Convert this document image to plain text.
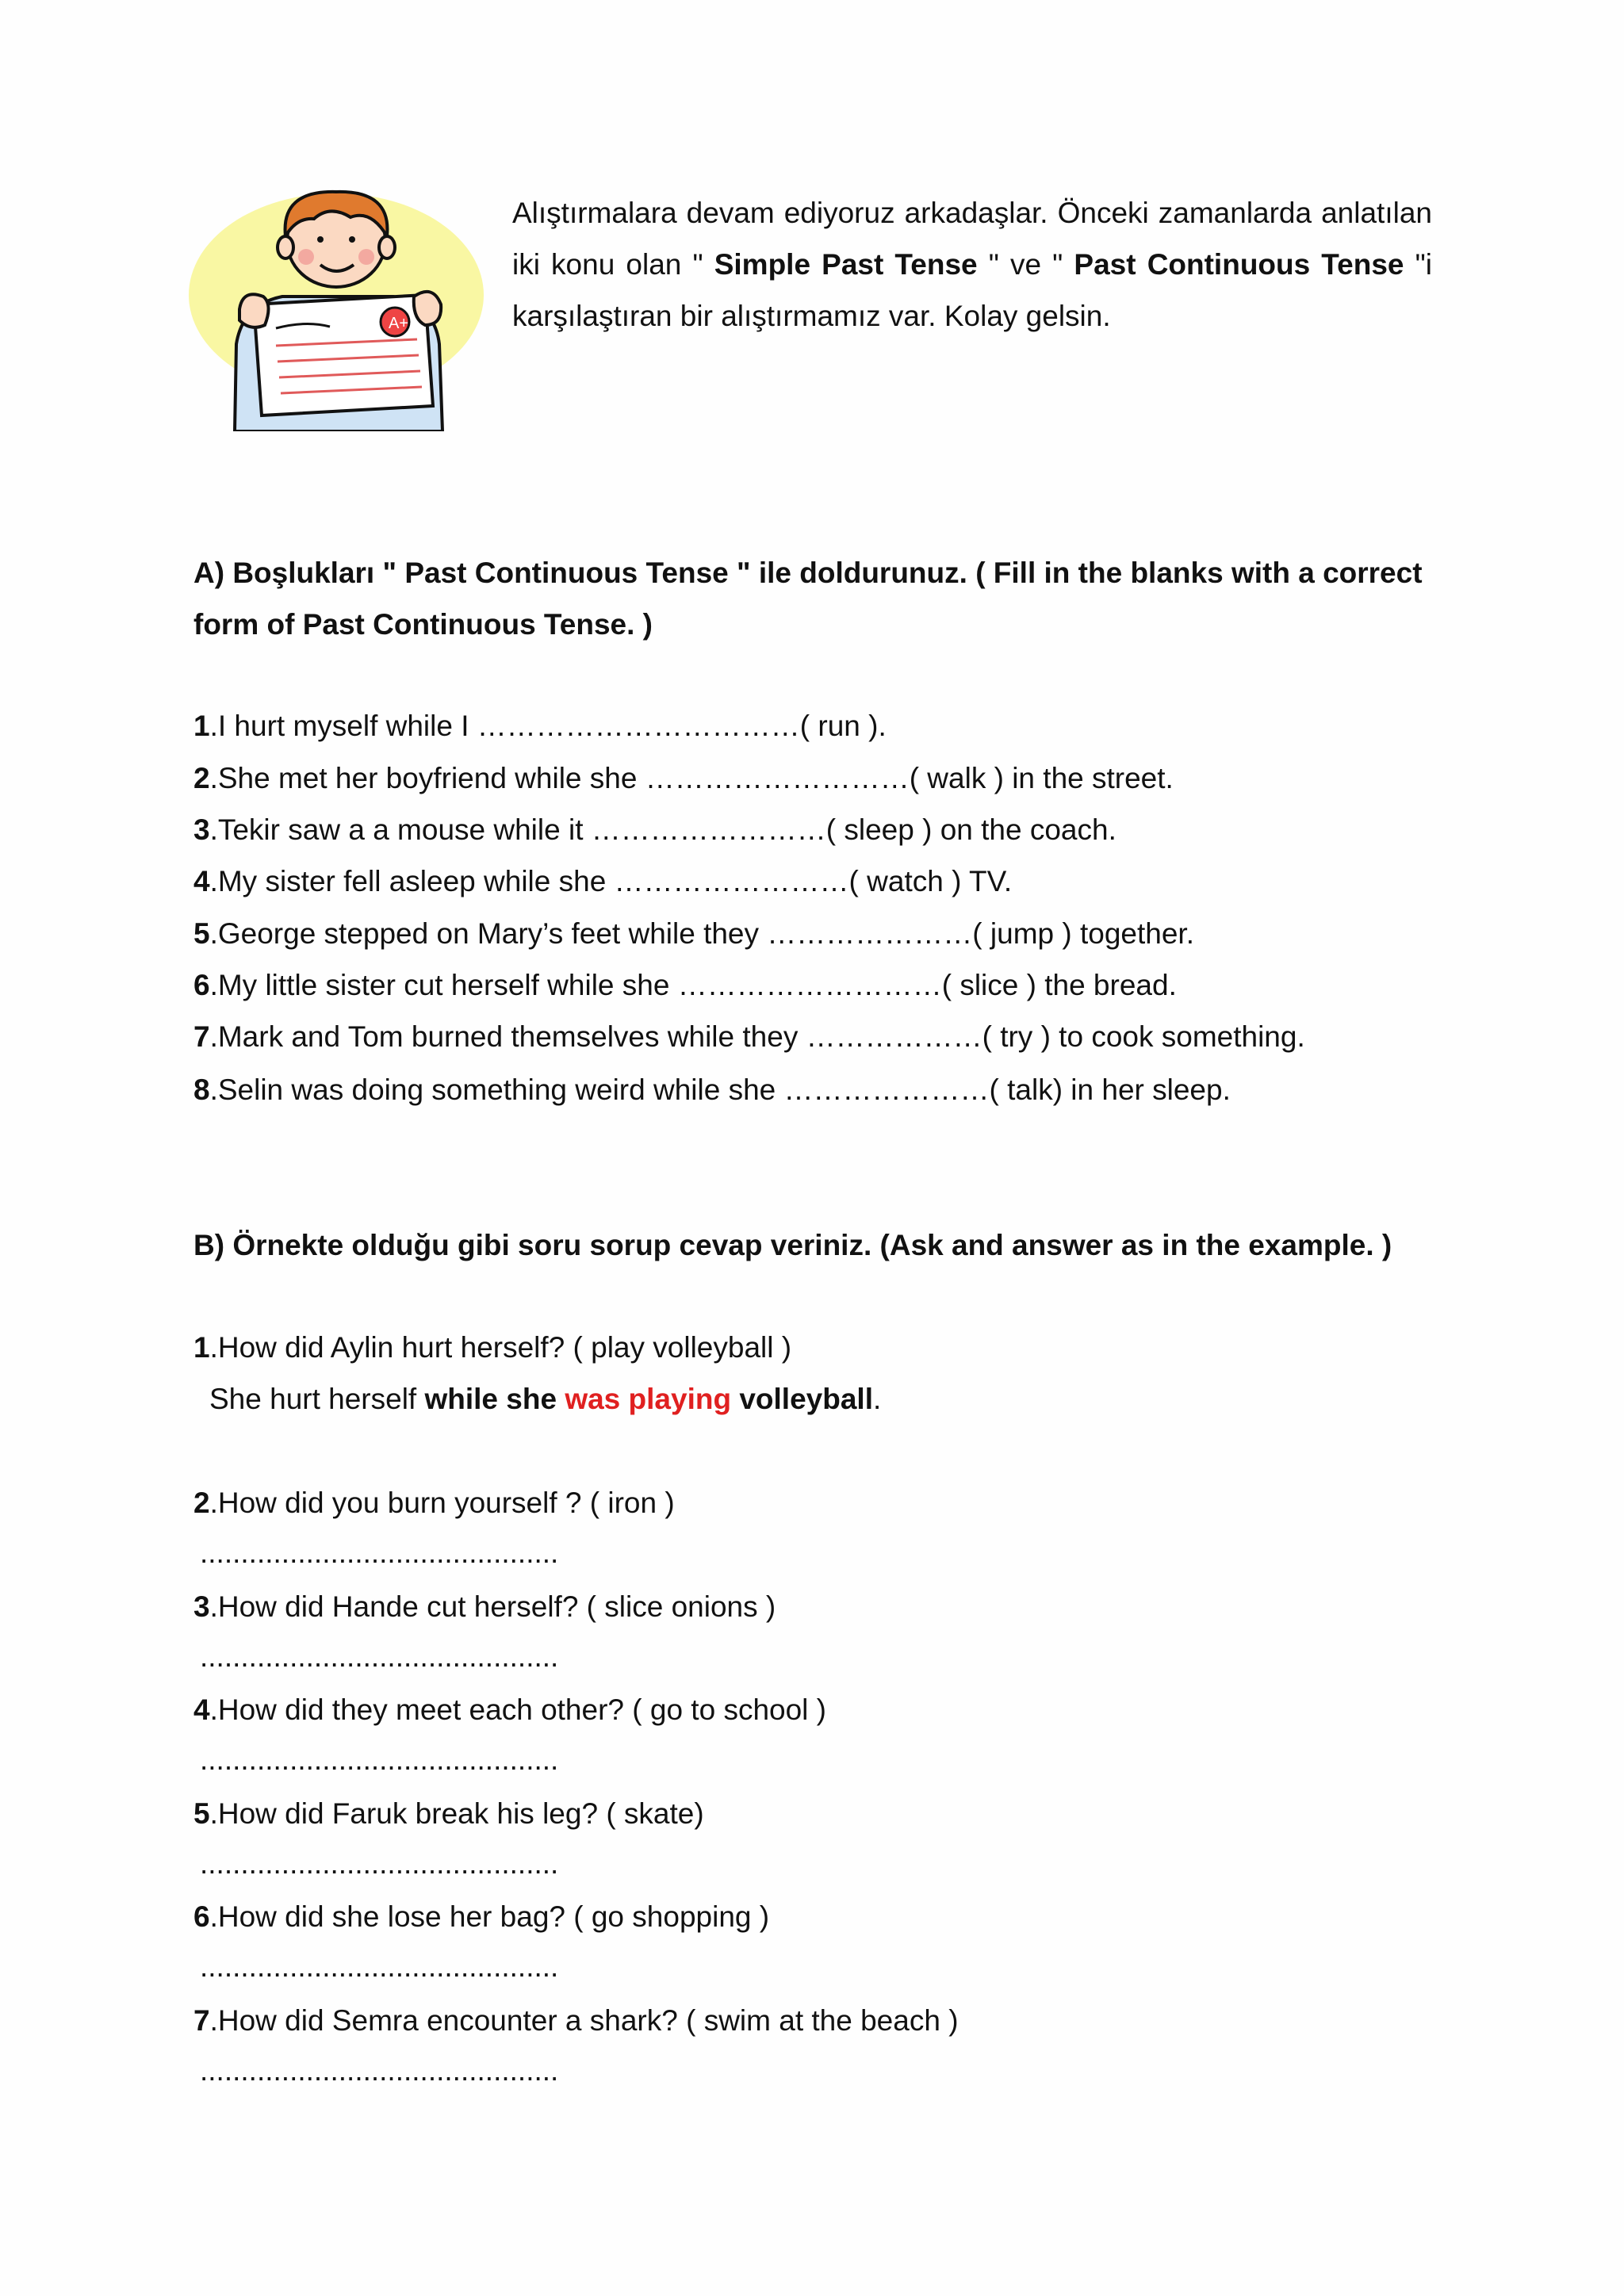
A+
Alıştırmalara devam ediyoruz arkadaşlar. Önceki zamanlarda anlatılan iki konu olan " Simple Past Tense " ve " Past Continuous Tense "i karşılaştıran bir alıştırmamız var. Kolay gelsin.
A) Boşlukları " Past Continuous Tense " ile doldurunuz. ( Fill in the blanks with a correct form of Past Continuous Tense. )
1.I hurt myself while I ……………………………( run ).
2.She met her boyfriend while she ………………………( walk ) in the street.
3.Tekir saw a a mouse while it ……………………( sleep ) on the coach.
4.My sister fell asleep while she ……………………( watch ) TV.
5.George stepped on Mary’s feet while they …………………( jump ) together.
6.My little sister cut herself while she ………………………( slice ) the bread.
7.Mark and Tom burned themselves while they ………………( try ) to cook something.
8.Selin was doing something weird while she …………………( talk) in her sleep.
B) Örnekte olduğu gibi soru sorup cevap veriniz. (Ask and answer as in the example. )
1.How did Aylin hurt herself? ( play volleyball )
She hurt herself while she was playing volleyball.
2.How did you burn yourself ? ( iron )
............................................
3.How did Hande cut herself? ( slice onions )
............................................
4.How did they meet each other? ( go to school )
............................................
5.How did Faruk break his leg? ( skate)
............................................
6.How did she lose her bag? ( go shopping )
............................................
7.How did Semra encounter a shark? ( swim at the beach )
............................................
